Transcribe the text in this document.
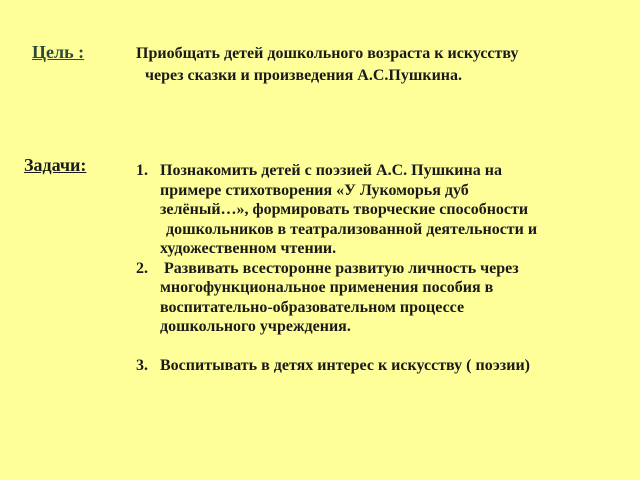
Цель :	Приобщать детей дошкольного возраста к искусству
через сказки и произведения А.С.Пушкина.
Задачи:	1. Познакомить детей с поэзией А.С. Пушкина на
примере стихотворения «У Лукоморья дуб
зелёный…», формировать творческие способности
дошкольников в театрализованной деятельности и
художественном чтении.
2. Развивать всесторонне развитую личность через
многофункциональное применения пособия в
воспитательно-образовательном процессе
дошкольного учреждения.
3. Воспитывать в детях интерес к искусству ( поэзии)
